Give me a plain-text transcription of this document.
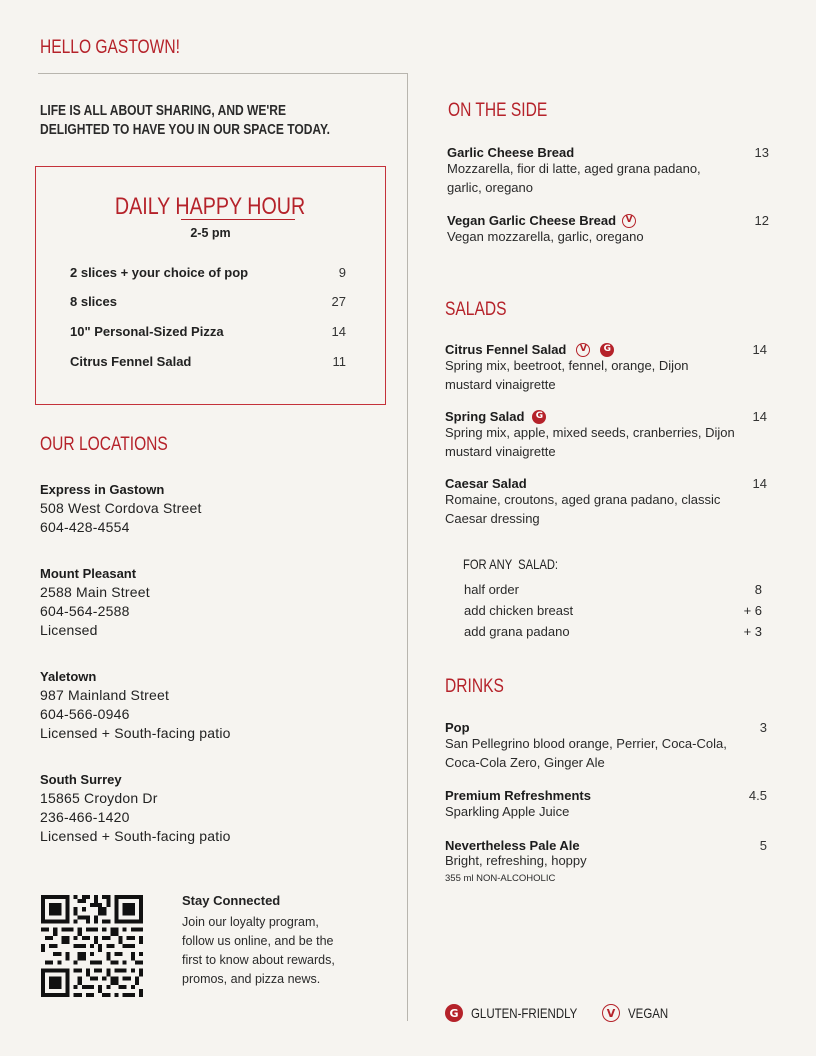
HELLO GASTOWN!
LIFE IS ALL ABOUT SHARING, AND WE'RE
DELIGHTED TO HAVE YOU IN OUR SPACE TODAY.
DAILY HAPPY HOUR
2-5 pm
2 slices + your choice of pop	9
8 slices	27
10" Personal-Sized Pizza	14
Citrus Fennel Salad	11
OUR LOCATIONS
Express in Gastown
508 West Cordova Street
604-428-4554
Mount Pleasant
2588 Main Street
604-564-2588
Licensed
Yaletown
987 Mainland Street
604-566-0946
Licensed + South-facing patio
South Surrey
15865 Croydon Dr
236-466-1420
Licensed + South-facing patio
Stay Connected
Join our loyalty program,
follow us online, and be the
first to know about rewards,
promos, and pizza news.
ON THE SIDE
Garlic Cheese Bread	13
Mozzarella, fior di latte, aged grana padano, garlic, oregano
Vegan Garlic Cheese Bread	V	12
Vegan mozzarella, garlic, oregano
SALADS
Citrus Fennel Salad	V	G	14
Spring mix, beetroot, fennel, orange, Dijon mustard vinaigrette
Spring Salad	G	14
Spring mix, apple, mixed seeds, cranberries, Dijon mustard vinaigrette
Caesar Salad	14
Romaine, croutons, aged grana padano, classic Caesar dressing
FOR ANY  SALAD:
half order	8
add chicken breast	+ 6
add grana padano	+ 3
DRINKS
Pop	3
San Pellegrino blood orange, Perrier, Coca-Cola, Coca-Cola Zero, Ginger Ale
Premium Refreshments	4.5
Sparkling Apple Juice
Nevertheless Pale Ale	5
Bright, refreshing, hoppy
355 ml NON-ALCOHOLIC
G GLUTEN-FRIENDLY	V VEGAN
